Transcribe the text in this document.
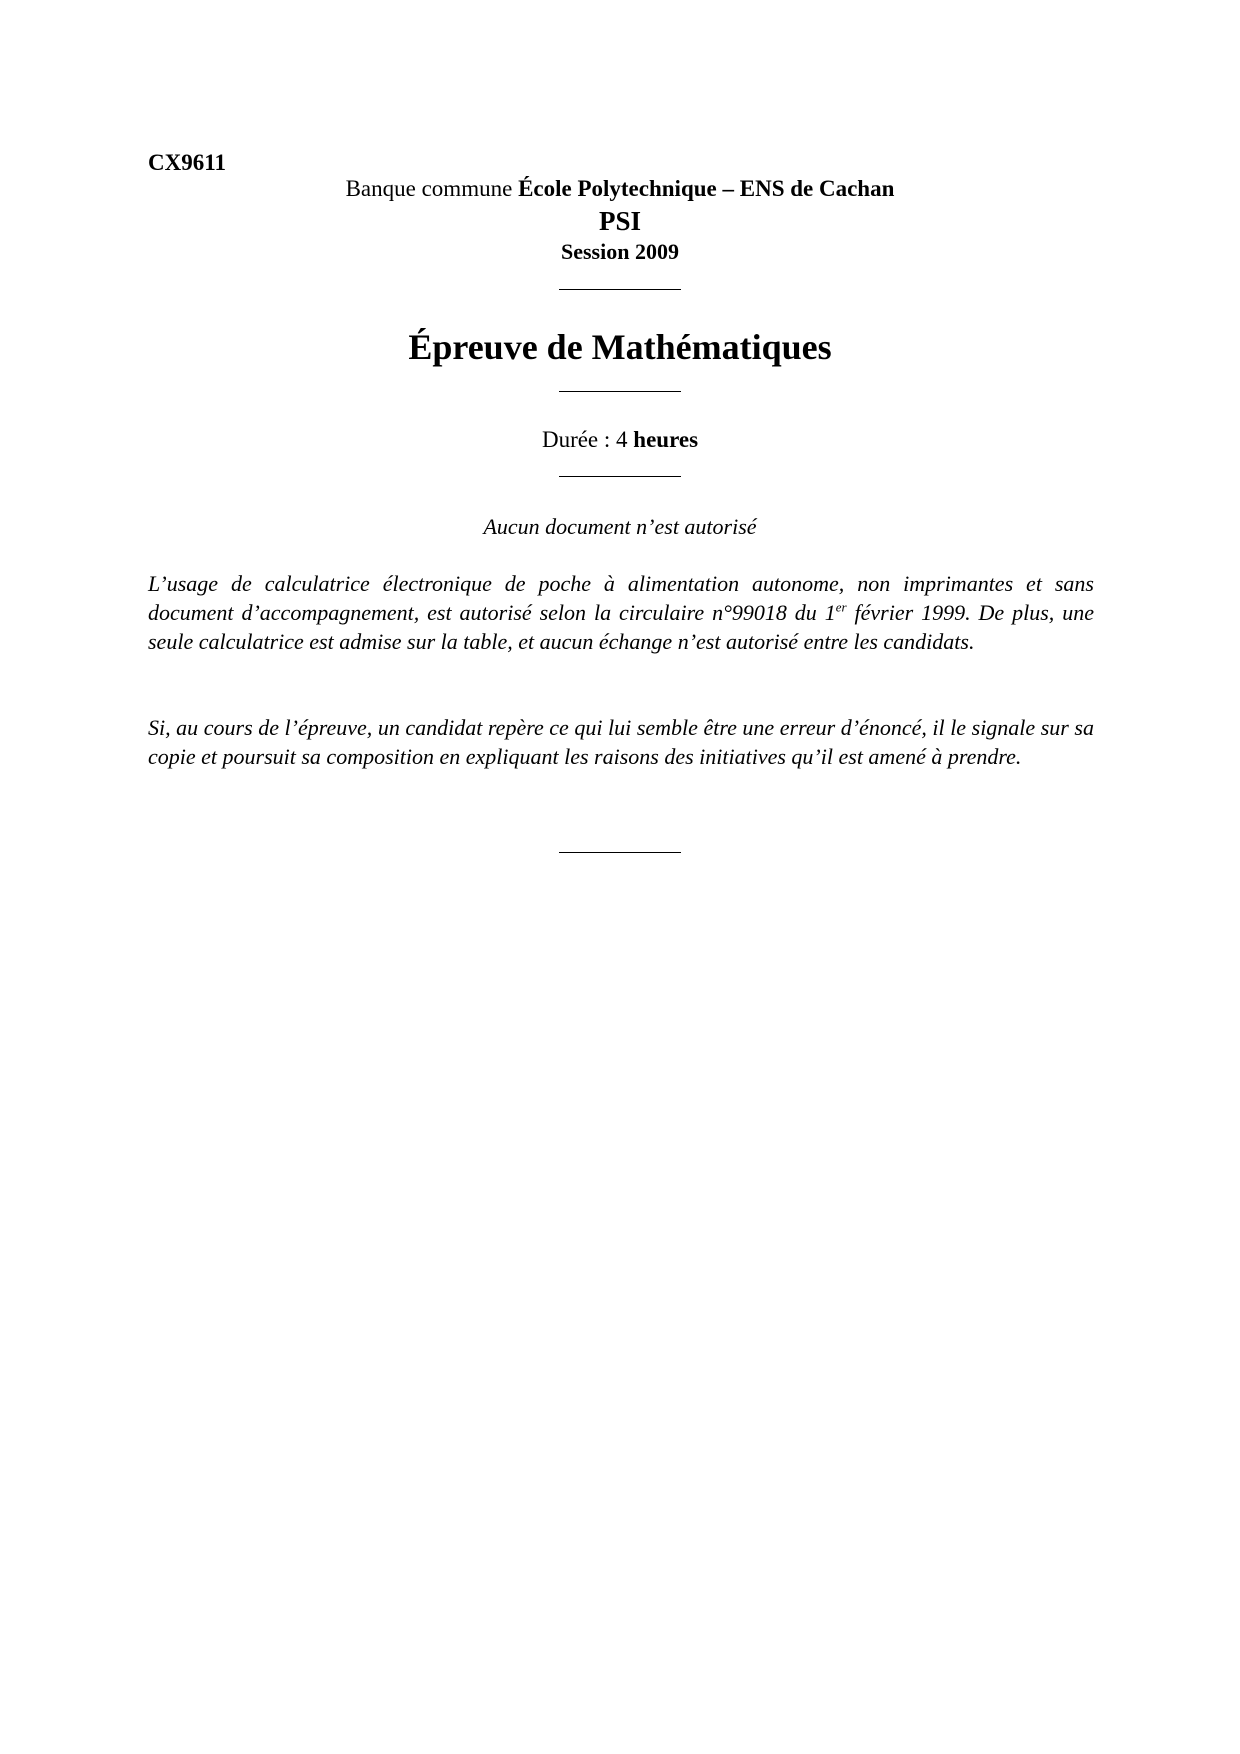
CX9611
Banque commune École Polytechnique – ENS de Cachan
PSI
Session 2009
Épreuve de Mathématiques
Durée : 4 heures
Aucun document n’est autorisé
L’usage de calculatrice électronique de poche à alimentation autonome, non imprimantes et sans document d’accompagnement, est autorisé selon la circulaire n°99018 du 1er février 1999. De plus, une seule calculatrice est admise sur la table, et aucun échange n’est autorisé entre les candidats.
Si, au cours de l’épreuve, un candidat repère ce qui lui semble être une erreur d’énoncé, il le signale sur sa copie et poursuit sa composition en expliquant les raisons des initiatives qu’il est amené à prendre.
